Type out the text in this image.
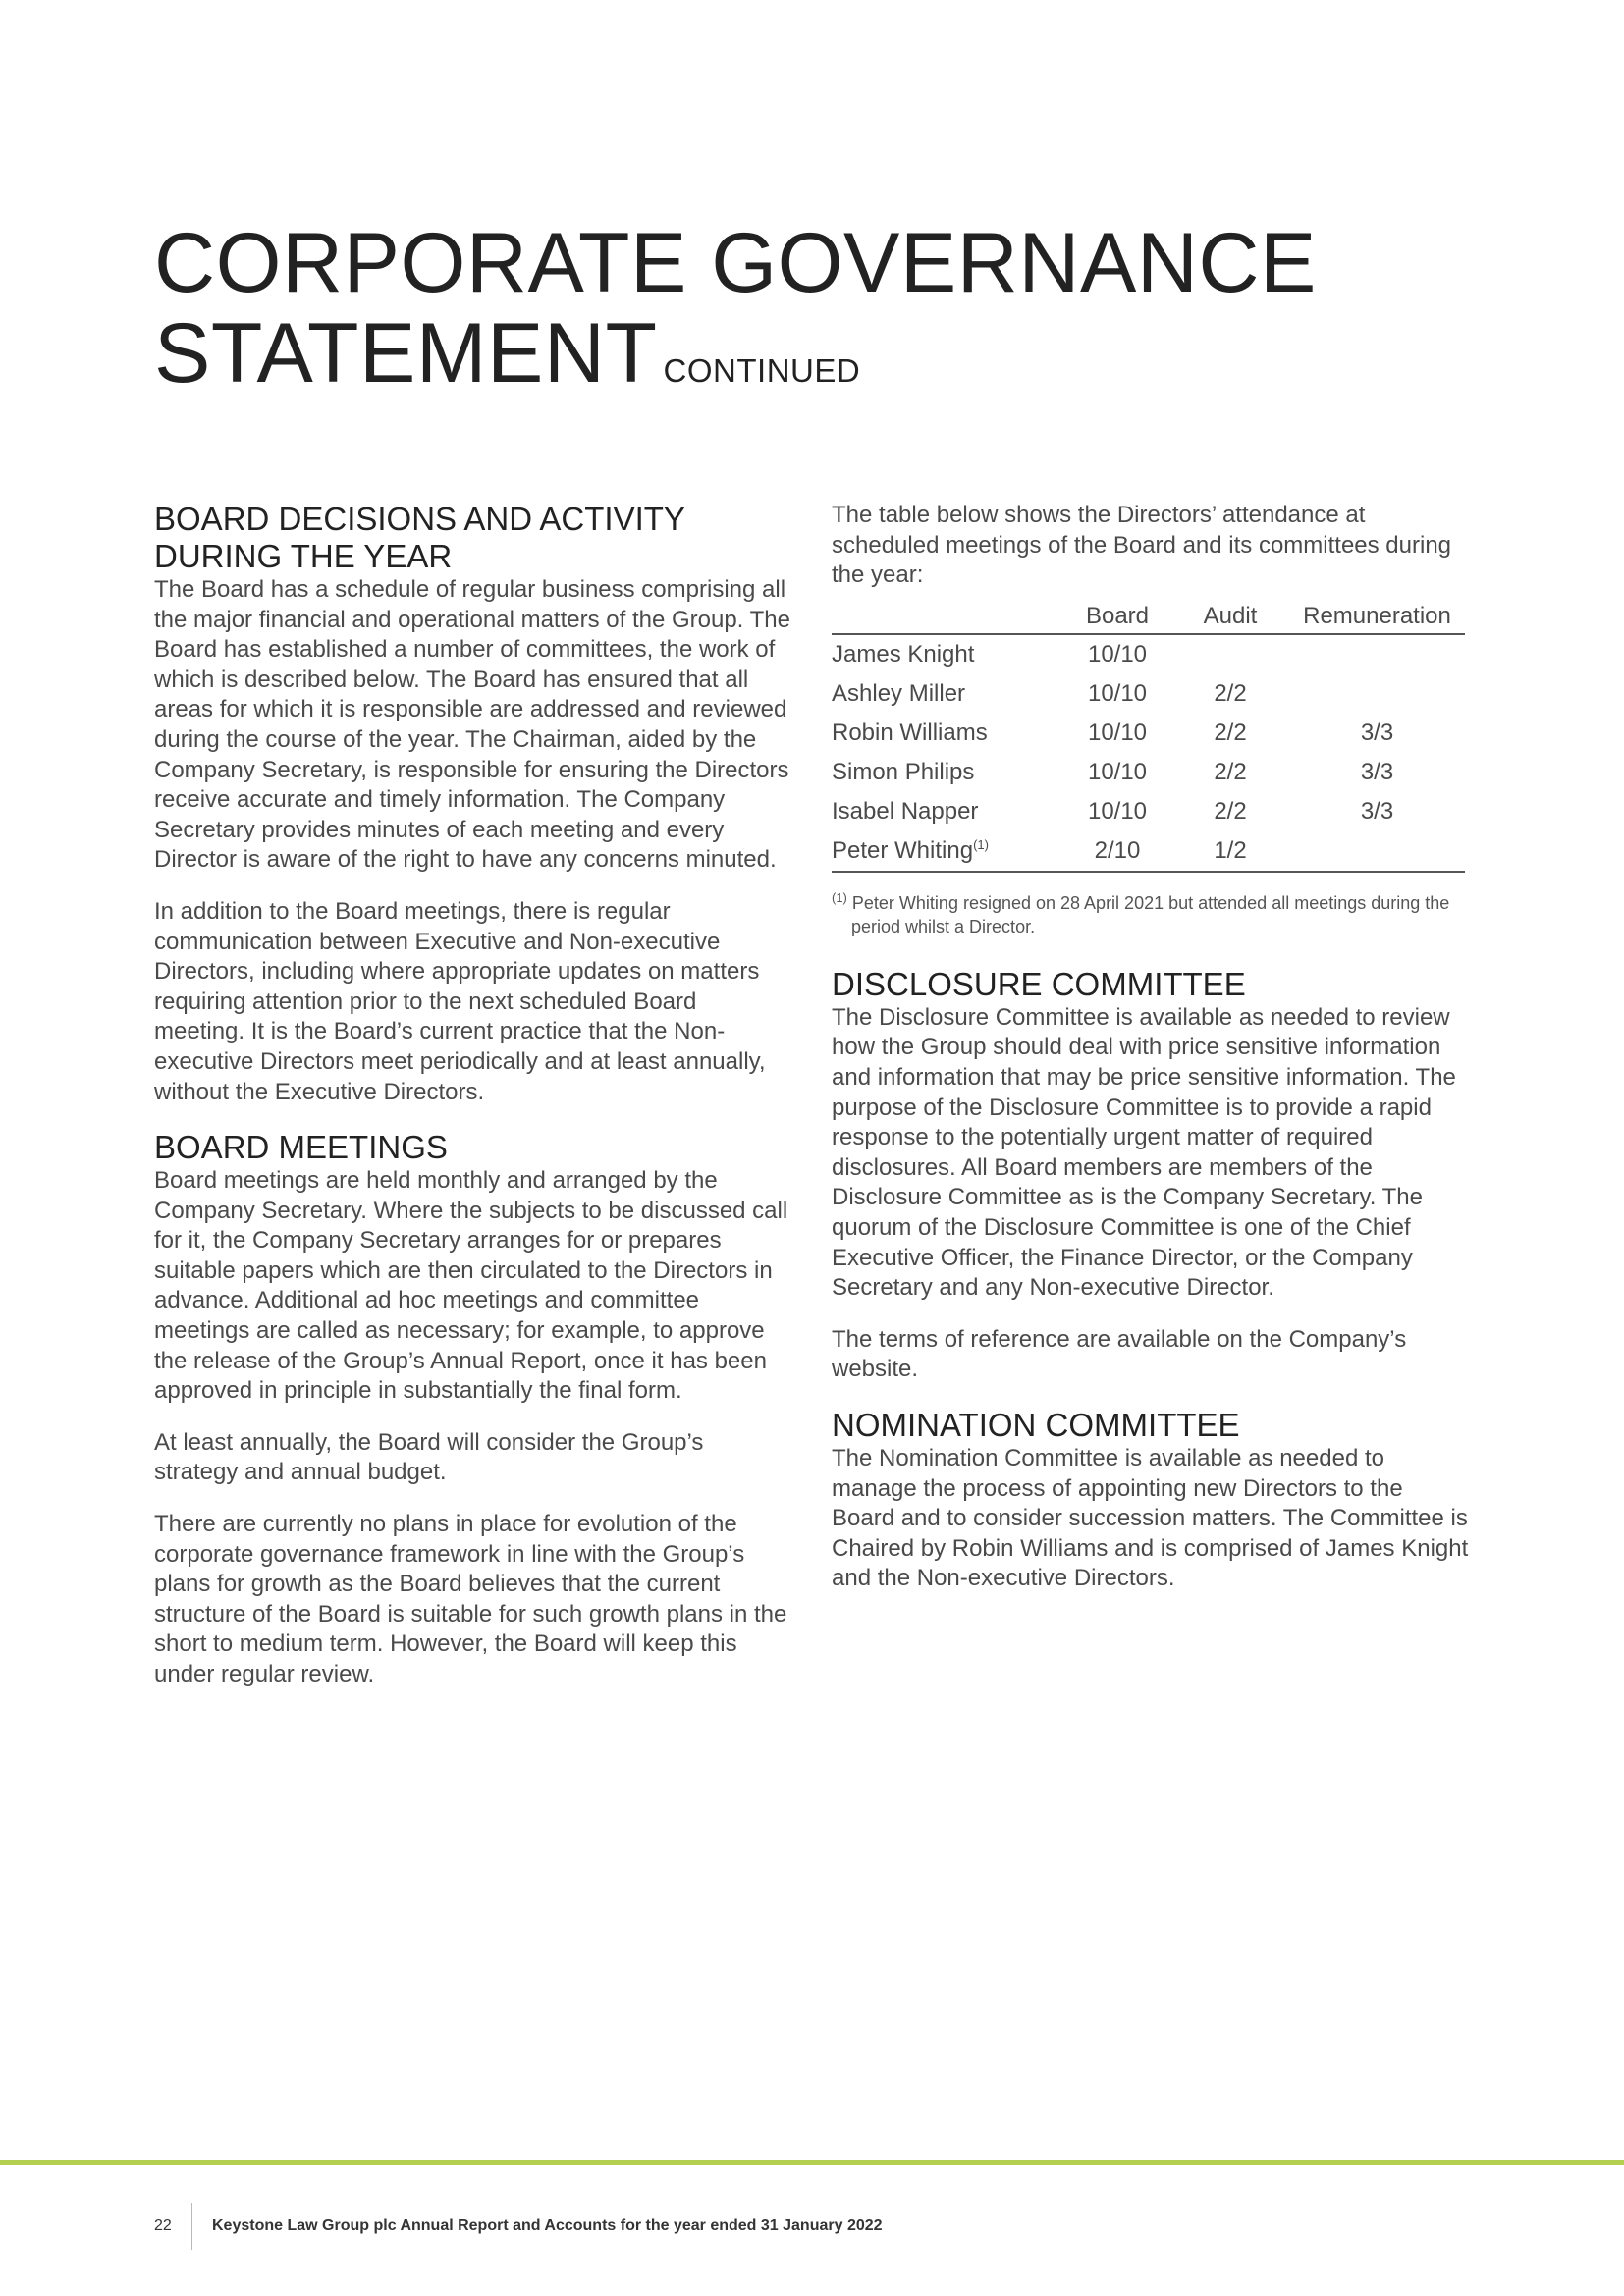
CORPORATE GOVERNANCE
STATEMENT CONTINUED
BOARD DECISIONS AND ACTIVITY
DURING THE YEAR

The Board has a schedule of regular business comprising all the major financial and operational matters of the Group. The Board has established a number of committees, the work of which is described below. The Board has ensured that all areas for which it is responsible are addressed and reviewed during the course of the year. The Chairman, aided by the Company Secretary, is responsible for ensuring the Directors receive accurate and timely information. The Company Secretary provides minutes of each meeting and every Director is aware of the right to have any concerns minuted.

In addition to the Board meetings, there is regular communication between Executive and Non-executive Directors, including where appropriate updates on matters requiring attention prior to the next scheduled Board meeting. It is the Board’s current practice that the Non-executive Directors meet periodically and at least annually, without the Executive Directors.

BOARD MEETINGS

Board meetings are held monthly and arranged by the Company Secretary. Where the subjects to be discussed call for it, the Company Secretary arranges for or prepares suitable papers which are then circulated to the Directors in advance. Additional ad hoc meetings and committee meetings are called as necessary; for example, to approve the release of the Group’s Annual Report, once it has been approved in principle in substantially the final form.

At least annually, the Board will consider the Group’s strategy and annual budget.

There are currently no plans in place for evolution of the corporate governance framework in line with the Group’s plans for growth as the Board believes that the current structure of the Board is suitable for such growth plans in the short to medium term. However, the Board will keep this under regular review.

The table below shows the Directors’ attendance at scheduled meetings of the Board and its committees during the year:

	Board	Audit	Remuneration
James Knight	10/10		
Ashley Miller	10/10	2/2	
Robin Williams	10/10	2/2	3/3
Simon Philips	10/10	2/2	3/3
Isabel Napper	10/10	2/2	3/3
Peter Whiting$^{(1)}$	2/10	1/2	
$^{(1)}$ Peter Whiting resigned on 28 April 2021 but attended all meetings during the period whilst a Director.
DISCLOSURE COMMITTEE

The Disclosure Committee is available as needed to review how the Group should deal with price sensitive information and information that may be price sensitive information. The purpose of the Disclosure Committee is to provide a rapid response to the potentially urgent matter of required disclosures. All Board members are members of the Disclosure Committee as is the Company Secretary. The quorum of the Disclosure Committee is one of the Chief Executive Officer, the Finance Director, or the Company Secretary and any Non-executive Director.

The terms of reference are available on the Company’s website.

NOMINATION COMMITTEE

The Nomination Committee is available as needed to manage the process of appointing new Directors to the Board and to consider succession matters. The Committee is Chaired by Robin Williams and is comprised of James Knight and the Non-executive Directors.

22	Keystone Law Group plc Annual Report and Accounts for the year ended 31 January 2022
